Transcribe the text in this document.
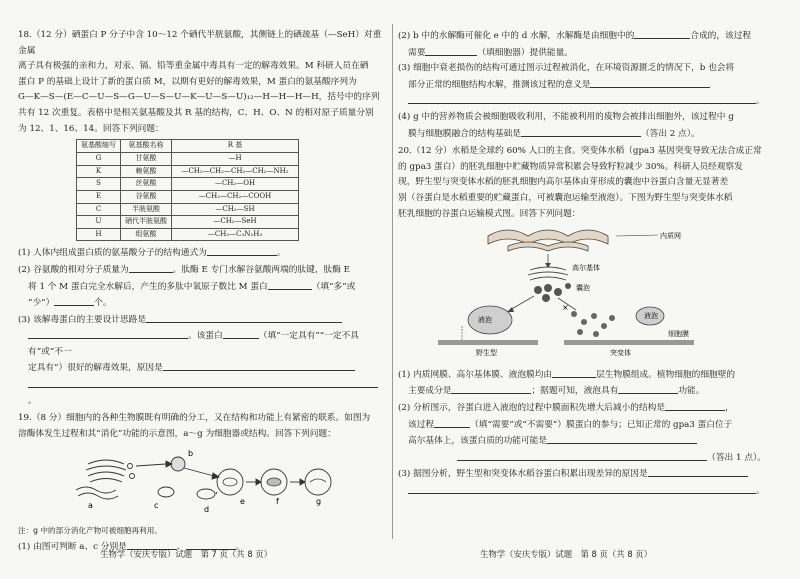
18.（12 分）硒蛋白 P 分子中含 10～12 个硒代半胱氨酸，其侧链上的硒巯基（—SeH）对重金属

离子具有极强的亲和力，对汞、镉、铅等重金属中毒具有一定的解毒效果。M 科研人员在硒

蛋白 P 的基础上设计了新的蛋白质 M，以期有更好的解毒效果，M 蛋白的氨基酸序列为

G—K—S—(E—C—U—S—G—U—S—U—K—U—S—U)₁₂—H—H—H—H，括号中的序列

共有 12 次重复。表格中是相关氨基酸及其 R 基的结构，C、H、O、N 的相对原子质量分别

为 12、1、16、14。回答下列问题：

氨基酸缩写	氨基酸名称	R 基
G	甘氨酸	—H
K	赖氨酸	—CH₂—CH₂—CH₂—CH₂—NH₂
S	丝氨酸	—CH₂—OH
E	谷氨酸	—CH₂—CH₂—COOH
C	半胱氨酸	—CH₂—SH
U	硒代半胱氨酸	—CH₂—SeH
H	组氨酸	—CH₂—C₃N₂H₃

(1) 人体内组成蛋白质的氨基酸分子的结构通式为	。

(2) 谷氨酸的相对分子质量为	。肽酶 E 专门水解谷氨酸两端的肽键，肽酶 E

将 1 个 M 蛋白完全水解后，产生的多肽中氧原子数比 M 蛋白	（填“多”或

“少”）	个。

(3) 该解毒蛋白的主要设计思路是

。该蛋白	（填“一定具有”“一定不具有”或“不一

定具有”）很好的解毒效果，原因是

。

19.（8 分）细胞内的各种生物膜既有明确的分工，又在结构和功能上有紧密的联系。如图为

溶酶体发生过程和其“消化”功能的示意图，a～g 为细胞器或结构。回答下列问题：

a
b
c	d
e	f	g

注：g 中的部分消化产物可被细胞再利用。

(1) 由图可判断 a、c 分别是	、	。

(2) b 中的水解酶可催化 e 中的 d 水解，水解酶是由细胞中的	合成的，该过程

需要	（填细胞器）提供能量。

(3) 细胞中衰老损伤的结构可通过图示过程被消化，在环境资源匮乏的情况下，b 也会将

部分正常的细胞结构水解，推测该过程的意义是

。

(4) g 中的营养物质会被细胞吸收利用，不能被利用的废物会被排出细胞外，该过程中 g

膜与细胞膜融合的结构基础是	（答出 2 点）。

20.（12 分）水稻是全球约 60% 人口的主食。突变体水稻（gpa3 基因突变导致无法合成正常

的 gpa3 蛋白）的胚乳细胞中贮藏物质异常积累会导致籽粒减少 30%。科研人员经观察发

现，野生型与突变体水稻的胚乳细胞内高尔基体由芽形成的囊泡中谷蛋白含量无显著差

别（谷蛋白是水稻重要的贮藏蛋白，可被囊泡运输至液泡）。下图为野生型与突变体水稻

胚乳细胞的谷蛋白运输模式图。回答下列问题：

内质网
高尔基体
囊泡
液泡
×
液泡
细胞膜
野生型	突变体

(1) 内质网膜、高尔基体膜、液泡膜均由	层生物膜组成。植物细胞的细胞壁的

主要成分是	；据题可知，液泡具有	功能。

(2) 分析图示，谷蛋白进入液泡的过程中膜面积先增大后减小的结构是	，

该过程	（填“需要”或“不需要”）膜蛋白的参与；已知正常的 gpa3 蛋白位于

高尔基体上，该蛋白质的功能可能是

（答出 1 点）。

(3) 据图分析，野生型和突变体水稻谷蛋白积累出现差异的原因是

。

生物学（安庆专版）试题　第 7 页（共 8 页）	生物学（安庆专版）试题　第 8 页（共 8 页）
